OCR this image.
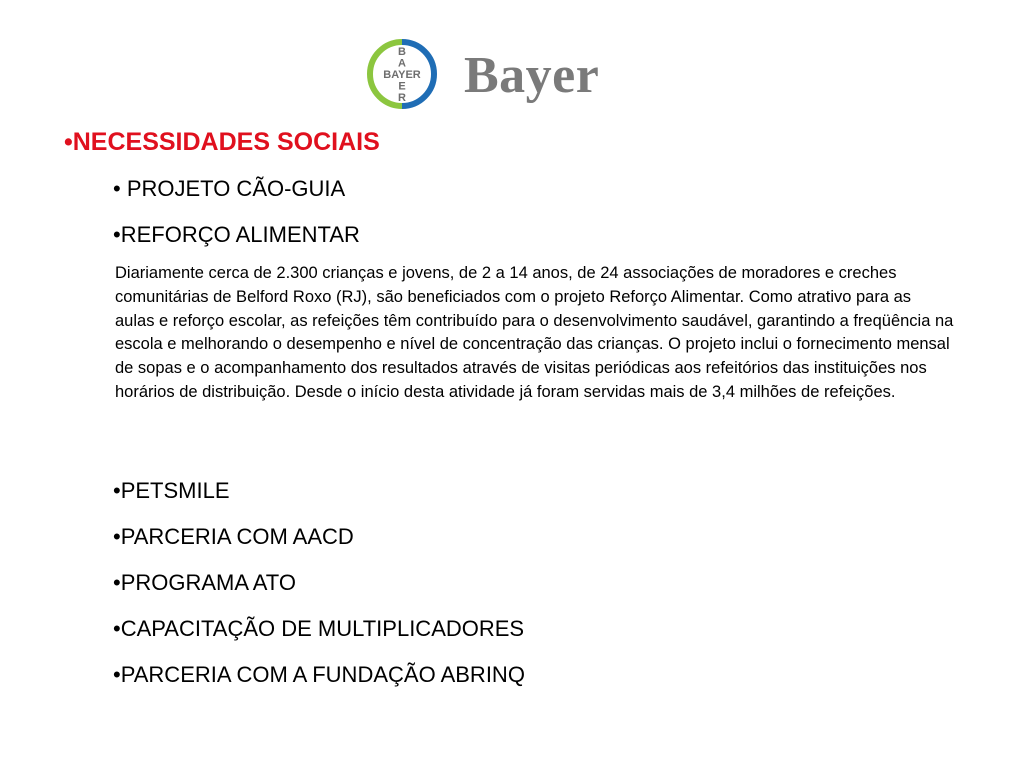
BAYER
B
A
E
R Bayer
•NECESSIDADES SOCIAIS

• PROJETO CÃO-GUIA

•REFORÇO ALIMENTAR

Diariamente cerca de 2.300 crianças e jovens, de 2 a 14 anos, de 24 associações de moradores e creches comunitárias de Belford Roxo (RJ), são beneficiados com o projeto Reforço Alimentar. Como atrativo para as aulas e reforço escolar, as refeições têm contribuído para o desenvolvimento saudável, garantindo a freqüência na escola e melhorando o desempenho e nível de concentração das crianças. O projeto inclui o fornecimento mensal de sopas e o acompanhamento dos resultados através de visitas periódicas aos refeitórios das instituições nos horários de distribuição. Desde o início desta atividade já foram servidas mais de 3,4 milhões de refeições.

•PETSMILE

•PARCERIA COM AACD

•PROGRAMA ATO

•CAPACITAÇÃO DE MULTIPLICADORES

•PARCERIA COM A FUNDAÇÃO ABRINQ
